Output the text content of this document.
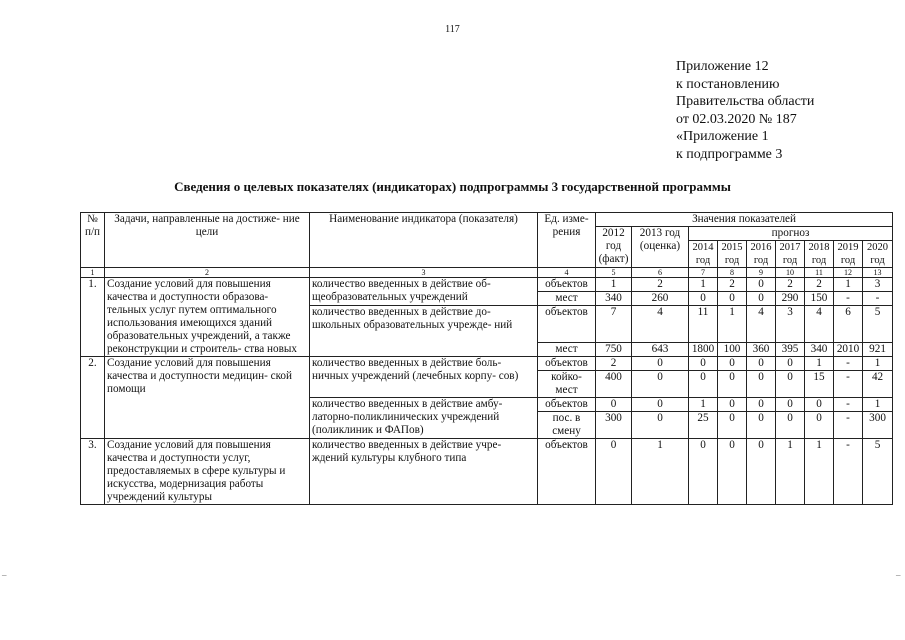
117
Приложение 12
к постановлению
Правительства области
от 02.03.2020 № 187
«Приложение 1
к подпрограмме 3
Сведения о целевых показателях (индикаторах) подпрограммы 3 государственной программы
№ п/п	Задачи, направленные на достиже- ние цели	Наименование индикатора (показателя)	Ед. изме- рения	Значения показателей								
				2012 год (факт)	2013 год (оценка)	прогноз						
						2014 год	2015 год	2016 год	2017 год	2018 год	2019 год	2020 год
1	2	3	4	5	6	7	8	9	10	11	12	13
1.	Создание условий для повышения качества и доступности образова- тельных услуг путем оптимального использования имеющихся зданий образовательных учреждений, а также реконструкции и строитель- ства новых	количество введенных в действие об- щеобразовательных учреждений	объектов	1	2	1	2	0	2	2	1	3
			мест	340	260	0	0	0	290	150	-	-
		количество введенных в действие до- школьных образовательных учрежде- ний	объектов	7	4	11	1	4	3	4	6	5
			мест	750	643	1800	100	360	395	340	2010	921
2.	Создание условий для повышения качества и доступности медицин- ской помощи	количество введенных в действие боль- ничных учреждений (лечебных корпу- сов)	объектов	2	0	0	0	0	0	1	-	1
			койко- мест	400	0	0	0	0	0	15	-	42
		количество введенных в действие амбу- латорно-поликлинических учреждений (поликлиник и ФАПов)	объектов	0	0	1	0	0	0	0	-	1
			пос. в смену	300	0	25	0	0	0	0	-	300
3.	Создание условий для повышения качества и доступности услуг, предоставляемых в сфере культуры и искусства, модернизация работы учреждений культуры	количество введенных в действие учре- ждений культуры клубного типа	объектов	0	1	0	0	0	1	1	-	5
–	–
